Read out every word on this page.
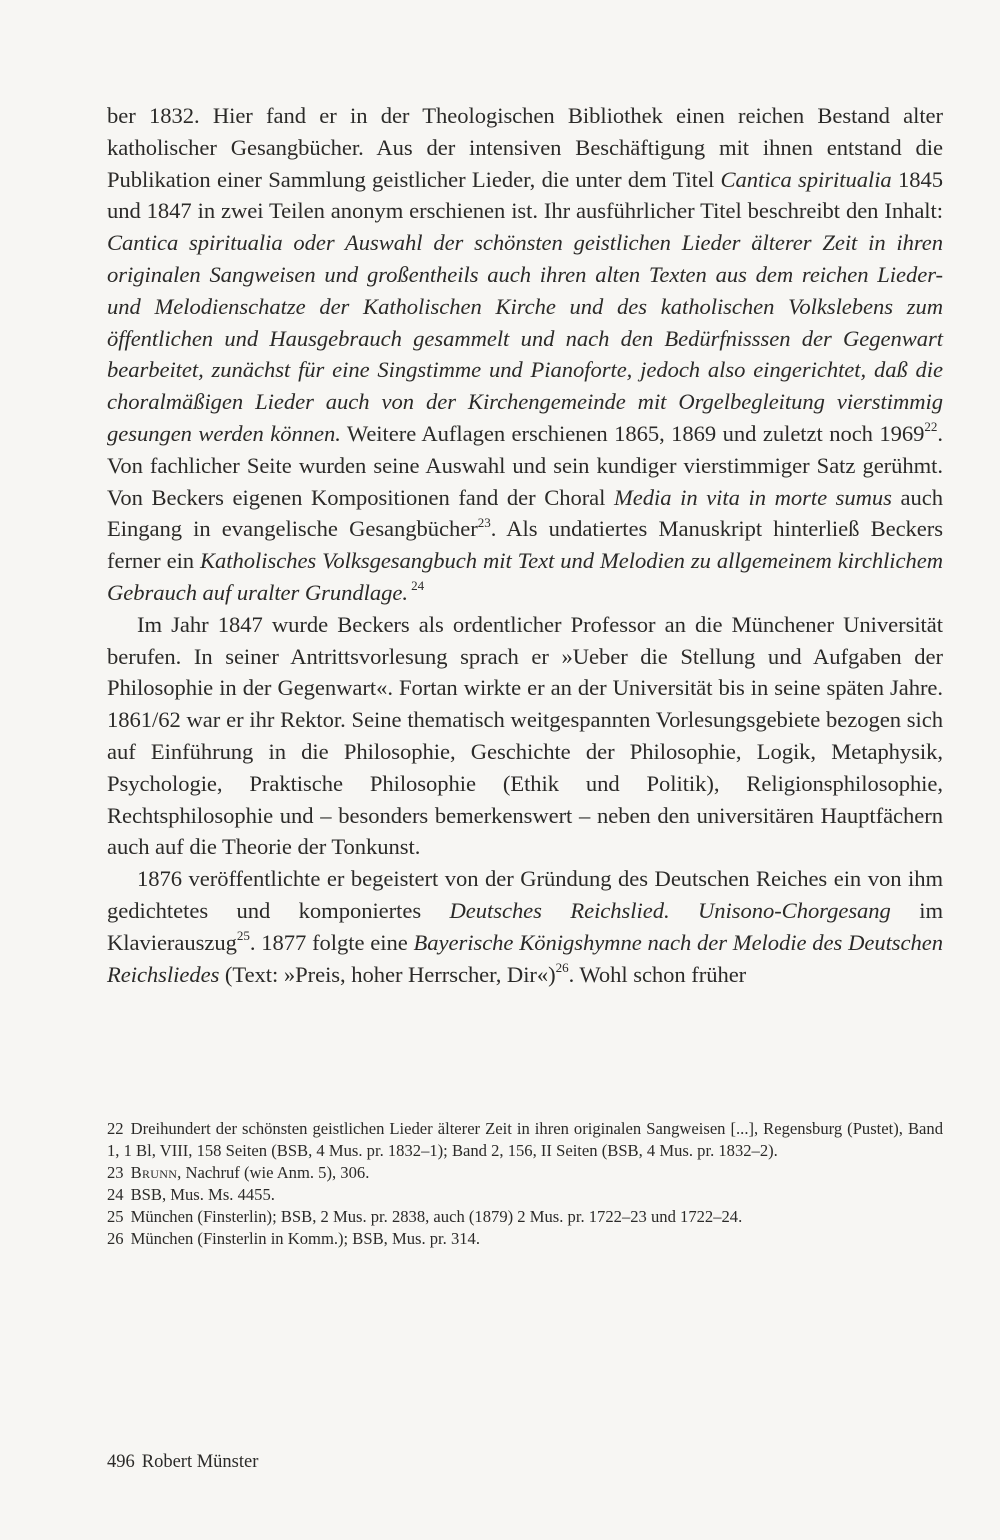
ber 1832. Hier fand er in der Theologischen Bibliothek einen reichen Bestand alter katholischer Gesangbücher. Aus der intensiven Beschäftigung mit ihnen entstand die Publikation einer Sammlung geistlicher Lieder, die unter dem Titel Cantica spiritualia 1845 und 1847 in zwei Teilen anonym erschienen ist. Ihr ausführlicher Titel beschreibt den Inhalt: Cantica spiritualia oder Auswahl der schönsten geistlichen Lieder älterer Zeit in ihren originalen Sangweisen und großentheils auch ihren alten Texten aus dem reichen Lieder- und Melodienschatze der Katholischen Kirche und des katholischen Volkslebens zum öffentlichen und Hausgebrauch gesammelt und nach den Bedürfnisssen der Gegenwart bearbeitet, zunächst für eine Singstimme und Pianoforte, jedoch also eingerichtet, daß die choralmäßigen Lieder auch von der Kirchengemeinde mit Orgelbegleitung vierstimmig gesungen werden können. Weitere Auflagen erschienen 1865, 1869 und zuletzt noch 1969$^{22}$. Von fachlicher Seite wurden seine Auswahl und sein kundiger vierstimmiger Satz gerühmt. Von Beckers eigenen Kompositionen fand der Choral Media in vita in morte sumus auch Eingang in evangelische Gesangbücher$^{23}$. Als undatiertes Manuskript hinterließ Beckers ferner ein Katholisches Volksgesangbuch mit Text und Melodien zu allgemeinem kirchlichem Gebrauch auf uralter Grundlage. $^{24}$

Im Jahr 1847 wurde Beckers als ordentlicher Professor an die Münchener Universität berufen. In seiner Antrittsvorlesung sprach er »Ueber die Stellung und Aufgaben der Philosophie in der Gegenwart«. Fortan wirkte er an der Universität bis in seine späten Jahre. 1861/62 war er ihr Rektor. Seine thematisch weitgespannten Vorlesungsgebiete bezogen sich auf Einführung in die Philosophie, Geschichte der Philosophie, Logik, Metaphysik, Psychologie, Praktische Philosophie (Ethik und Politik), Religionsphilosophie, Rechtsphilosophie und – besonders bemerkenswert – neben den universitären Hauptfächern auch auf die Theorie der Tonkunst.

1876 veröffentlichte er begeistert von der Gründung des Deutschen Reiches ein von ihm gedichtetes und komponiertes Deutsches Reichslied. Unisono-Chorgesang im Klavierauszug$^{25}$. 1877 folgte eine Bayerische Königshymne nach der Melodie des Deutschen Reichsliedes (Text: »Preis, hoher Herrscher, Dir«)$^{26}$. Wohl schon früher

22 Dreihundert der schönsten geistlichen Lieder älterer Zeit in ihren originalen Sangweisen [...], Regensburg (Pustet), Band 1, 1 Bl, VIII, 158 Seiten (BSB, 4 Mus. pr. 1832–1); Band 2, 156, II Seiten (BSB, 4 Mus. pr. 1832–2).

23 Brunn, Nachruf (wie Anm. 5), 306.

24 BSB, Mus. Ms. 4455.

25 München (Finsterlin); BSB, 2 Mus. pr. 2838, auch (1879) 2 Mus. pr. 1722–23 und 1722–24.

26 München (Finsterlin in Komm.); BSB, Mus. pr. 314.

496 Robert Münster
